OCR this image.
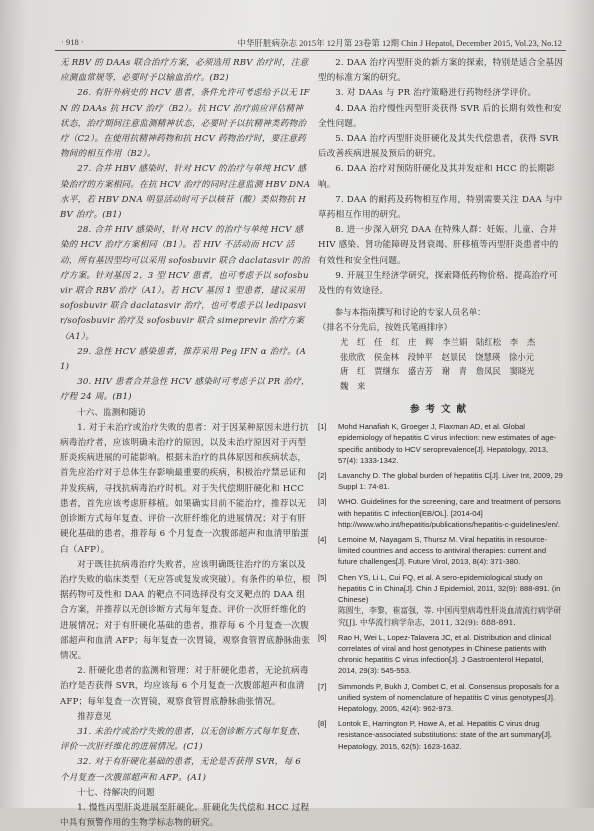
· 918 ·	中华肝脏病杂志 2015年 12月第 23卷第 12期 Chin J Hepatol, December 2015, Vol.23, No.12

无 RBV 的 DAAs 联合治疗方案，必须选用 RBV 治疗时，注意应测血常规等，必要时予以输血治疗。(B2)

26. 有肝外病史的 HCV 患者，条件允许可考虑给予以无 IFN 的 DAAs 抗 HCV 治疗（B2）。抗 HCV 治疗前应评估精神状态，治疗期间注意监测精神状态，必要时予以抗精神类药物治疗（C2）。在使用抗精神药物和抗 HCV 药物治疗时，要注意药物间的相互作用（B2）。

27. 合并 HBV 感染时，针对 HCV 的治疗与单纯 HCV 感染治疗的方案相同。在抗 HCV 治疗的同时注意监测 HBV DNA 水平，若 HBV DNA 明显活动时可予以核苷（酸）类似物抗 HBV 治疗。(B1)

28. 合并 HIV 感染时，针对 HCV 的治疗与单纯 HCV 感染的 HCV 治疗方案相同（B1）。若 HIV 不活动而 HCV 活动，所有基因型均可以采用 sofosbuvir 联合 daclatasvir 的治疗方案。针对基因 2、3 型 HCV 患者，也可考虑予以 sofosbuvir 联合 RBV 治疗（A1）。若 HCV 基因 1 型患者，建议采用 sofosbuvir 联合 daclatasvir 治疗，也可考虑予以 ledipasvir/sofosbuvir 治疗及 sofosbuvir 联合 simeprevir 治疗方案（A1）。

29. 急性 HCV 感染患者，推荐采用 Peg IFN α 治疗。(A1)

30. HIV 患者合并急性 HCV 感染时可考虑予以 PR 治疗，疗程 24 周。(B1)

十六、监测和随访

1. 对于未治疗或治疗失败的患者：对于因某种原因未进行抗病毒治疗者，应该明确未治疗的原因，以及未治疗原因对于丙型肝炎疾病进展的可能影响。根据未治疗的具体原因和疾病状态，首先应治疗对于总体生存影响最重要的疾病，积极治疗禁忌证和并发疾病，寻找抗病毒治疗时机。对于失代偿期肝硬化和 HCC 患者，首先应该考虑肝移植。如果确实目前不能治疗，推荐以无创诊断方式每年复查、评价一次肝纤维化的进展情况；对于有肝硬化基础的患者，推荐每 6 个月复查一次腹部超声和血清甲胎蛋白（AFP）。

对于既往抗病毒治疗失败者，应该明确既往治疗的方案以及治疗失败的临床类型（无应答或复发或突破）。有条件的单位，根据药物可及性和 DAA 的靶点不同选择没有交叉靶点的 DAA 组合方案，并推荐以无创诊断方式每年复查、评价一次肝纤维化的进展情况；对于有肝硬化基础的患者，推荐每 6 个月复查一次腹部超声和血清 AFP；每年复查一次胃镜，观察食管胃底静脉曲张情况。

2. 肝硬化患者的监测和管理：对于肝硬化患者，无论抗病毒治疗是否获得 SVR，均应该每 6 个月复查一次腹部超声和血清 AFP；每年复查一次胃镜，观察食管胃底静脉曲张情况。

推荐意见

31. 未治疗或治疗失败的患者，以无创诊断方式每年复查、评价一次肝纤维化的进展情况。(C1)

32. 对于有肝硬化基础的患者，无论是否获得 SVR，每 6 个月复查一次腹部超声和 AFP。(A1)

十七、待解决的问题

1. 慢性丙型肝炎进展至肝硬化、肝硬化失代偿和 HCC 过程中具有预警作用的生物学标志物的研究。

2. DAA 治疗丙型肝炎的新方案的探索，特别是适合全基因型的标准方案的研究。

3. 对 DAAs 与 PR 治疗策略进行药物经济学评价。

4. DAA 治疗慢性丙型肝炎获得 SVR 后的长期有效性和安全性问题。

5. DAA 治疗丙型肝炎肝硬化及其失代偿患者，获得 SVR 后改善疾病进展及预后的研究。

6. DAA 治疗对预防肝硬化及其并发症和 HCC 的长期影响。

7. DAA 的耐药及药物相互作用，特别需要关注 DAA 与中草药相互作用的研究。

8. 进一步深入研究 DAA 在特殊人群：妊娠、儿童、合并 HIV 感染、肾功能障碍及肾衰竭、肝移植等丙型肝炎患者中的有效性和安全性问题。

9. 开展卫生经济学研究，探索降低药物价格、提高治疗可及性的有效途径。

参与本指南撰写和讨论的专家人员名单：

（排名不分先后，按姓氏笔画排序）

尤 红 任 红 庄 辉 李兰娟 陆红松 李 杰

张欣欣 侯金林 段钟平 赵景民 饶慧瑛 徐小元

唐 红 贾继东 盛吉芳 谢 青 詹凤民 窦晓光

魏 来

参考文献
[1] Mohd Hanafiah K, Groeger J, Flaxman AD, et al. Global epidemiology of hepatitis C virus infection: new estimates of age-specific antibody to HCV seroprevalence[J]. Hepatology, 2013, 57(4): 1333-1342.
[2] Lavanchy D. The global burden of hepatitis C[J]. Liver Int, 2009, 29 Suppl 1: 74-81.
[3] WHO. Guidelines for the screening, care and treatment of persons with hepatitis C infection[EB/OL]. [2014-04] http://www.who.int/hepatitis/publications/hepatitis-c-guidelines/en/.
[4] Lemoine M, Nayagam S, Thursz M. Viral hepatitis in resource-limited countries and access to antiviral therapies: current and future challenges[J]. Future Virol, 2013, 8(4): 371-380.
[5] Chen YS, Li L, Cui FQ, et al. A sero-epidemiological study on hepatitis C in China[J]. Chin J Epidemiol, 2011, 32(9): 888-891. (in Chinese)
陈圆生，李黎，崔富强，等. 中国丙型病毒性肝炎血清流行病学研究[J]. 中华流行病学杂志，2011, 32(9): 888-891.
[6] Rao H, Wei L, Lopez-Talavera JC, et al. Distribution and clinical correlates of viral and host genotypes in Chinese patients with chronic hepatitis C virus infection[J]. J Gastroenterol Hepatol, 2014, 29(3): 545-553.
[7] Simmonds P, Bukh J, Combet C, et al. Consensus proposals for a unified system of nomenclature of hepatitis C virus genotypes[J]. Hepatology, 2005, 42(4): 962-973.
[8] Lontok E, Harrington P, Howe A, et al. Hepatitis C virus drug resistance-associated substitutions: state of the art summary[J]. Hepatology, 2015, 62(5): 1623-1632.
